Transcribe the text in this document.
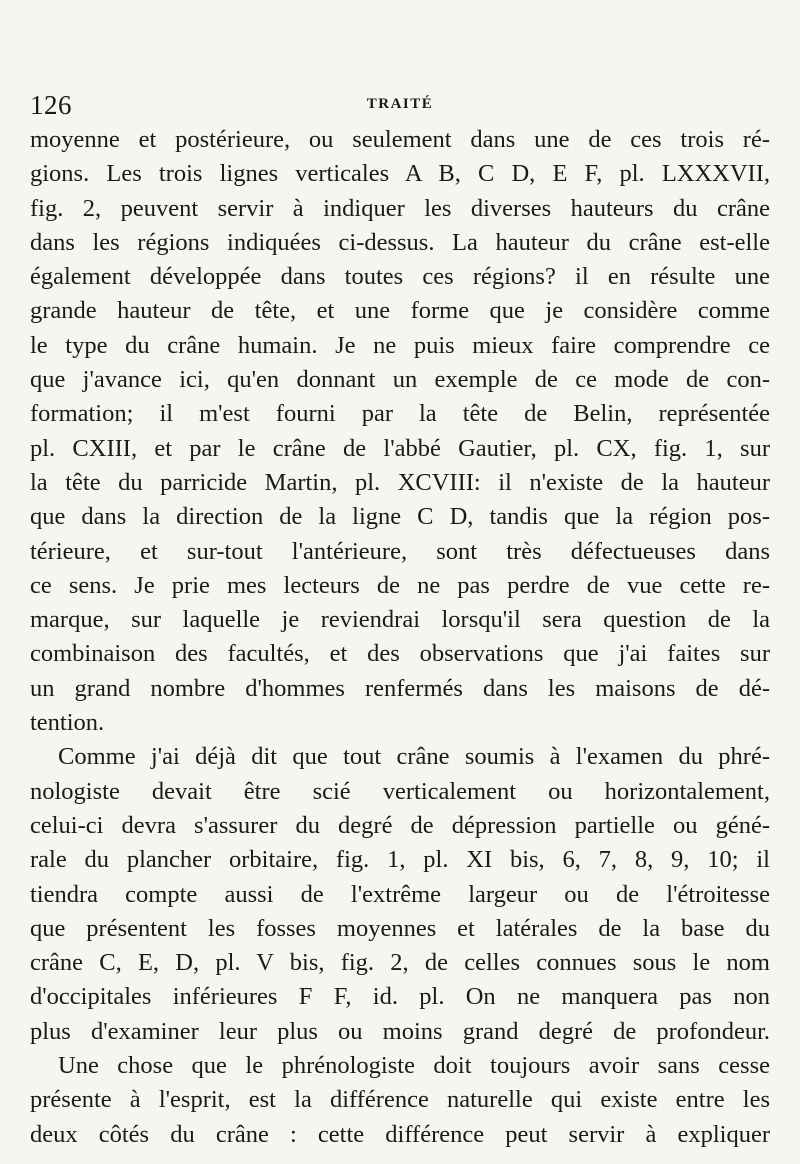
126	TRAITÉ
moyenne et postérieure, ou seulement dans une de ces trois ré-
gions. Les trois lignes verticales A B, C D, E F, pl. LXXXVII,
fig. 2, peuvent servir à indiquer les diverses hauteurs du crâne
dans les régions indiquées ci-dessus. La hauteur du crâne est-elle
également développée dans toutes ces régions? il en résulte une
grande hauteur de tête, et une forme que je considère comme
le type du crâne humain. Je ne puis mieux faire comprendre ce
que j'avance ici, qu'en donnant un exemple de ce mode de con-
formation; il m'est fourni par la tête de Belin, représentée
pl. CXIII, et par le crâne de l'abbé Gautier, pl. CX, fig. 1, sur
la tête du parricide Martin, pl. XCVIII: il n'existe de la hauteur
que dans la direction de la ligne C D, tandis que la région pos-
térieure, et sur-tout l'antérieure, sont très défectueuses dans
ce sens. Je prie mes lecteurs de ne pas perdre de vue cette re-
marque, sur laquelle je reviendrai lorsqu'il sera question de la
combinaison des facultés, et des observations que j'ai faites sur
un grand nombre d'hommes renfermés dans les maisons de dé-
tention.
Comme j'ai déjà dit que tout crâne soumis à l'examen du phré-
nologiste devait être scié verticalement ou horizontalement,
celui-ci devra s'assurer du degré de dépression partielle ou géné-
rale du plancher orbitaire, fig. 1, pl. XI bis, 6, 7, 8, 9, 10; il
tiendra compte aussi de l'extrême largeur ou de l'étroitesse
que présentent les fosses moyennes et latérales de la base du
crâne C, E, D, pl. V bis, fig. 2, de celles connues sous le nom
d'occipitales inférieures F F, id. pl. On ne manquera pas non
plus d'examiner leur plus ou moins grand degré de profondeur.
Une chose que le phrénologiste doit toujours avoir sans cesse
présente à l'esprit, est la différence naturelle qui existe entre les
deux côtés du crâne : cette différence peut servir à expliquer
